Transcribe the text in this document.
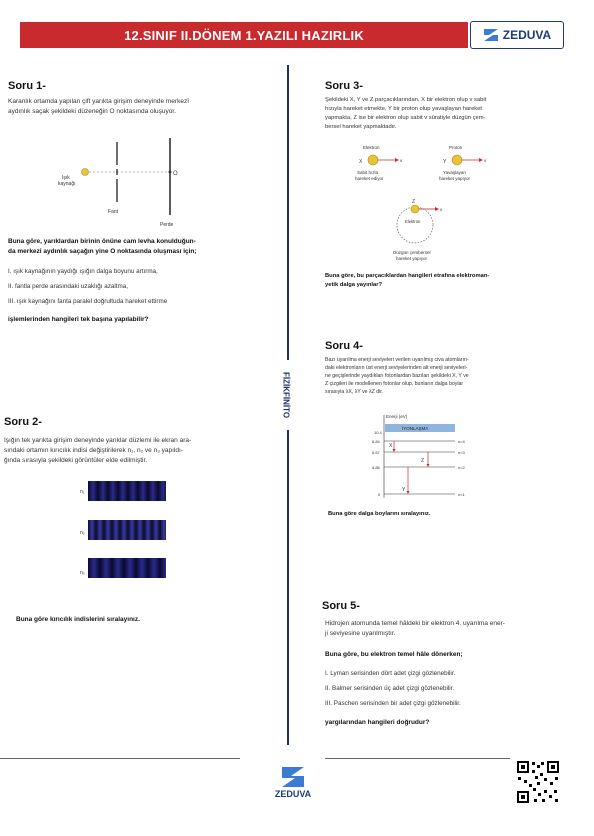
12.SINIF II.DÖNEM 1.YAZILI HAZIRLIK	ZEDUVA
FİZİKFİNİTO
Soru 1-
Karanlık ortamda yapılan çift yarıkta girişim deneyinde merkezî
aydınlık saçak şekildeki düzeneğin O noktasında oluşuyor.
O
Işık
kaynağı
Fant
Perde
Buna göre, yarıklardan birinin önüne cam levha konulduğun-
da merkezî aydınlık saçağın yine O noktasında oluşması için;
I. ışık kaynağının yaydığı ışığın dalga boyunu artırma,
II. fantla perde arasındaki uzaklığı azaltma,
III. ışık kaynağını fanta paralel doğrultuda hareket ettirme
işlemlerinden hangileri tek başına yapılabilir?
Soru 2-
Işığın tek yarıkta girişim deneyinde yarıklar düzlemi ile ekran ara-
sındaki ortamın kırıcılık indisi değiştirilerek n₁, n₂ ve n₃ yapıldı-
ğında sırasıyla şekildeki görüntüler elde edilmiştir.
n₁
n₂
n₃
Buna göre kırıcılık indislerini sıralayınız.
Soru 3-
Şekildeki X, Y ve Z parçacıklarından, X bir elektron olup v sabit
hızıyla hareket etmekte, Y bir proton olup yavaşlayan hareket
yapmakta, Z ise bir elektron olup sabit v süratiyle düzgün çem-
bersel hareket yapmaktadır.
Elektron
X	v
Sabit hızla
hareket ediyor
Proton
Y	v
Yavaşlayan
hareket yapıyor
Z
v
Elektron
Düzgün çembersel
hareket yapıyor
Buna göre, bu parçacıklardan hangileri etrafına elektroman-
yetik dalga yayınlar?
Soru 4-
Bazı uyarılma enerji seviyeleri verilen uyarılmış civa atomların-
daki elektronların üst enerji seviyelerinden alt enerji seviyeleri-
ne geçişlerinde yaydıkları fotonlardan bazıları şekildeki X, Y ve
Z çizgileri ile modellenen fotonlar olup, bunların dalga boylar
sırasıyla λX, λY ve λZ dir.
Enerji (eV)
İYONLAŞMA
10.4
8.84	n=4
6.67	n=3
4.86	n=2
0	n=1
X
Z
Y
Buna göre dalga boylarını sıralayınız.
Soru 5-
Hidrojen atomunda temel hâldeki bir elektron 4. uyarılma ener-
ji seviyesine uyarılmıştır.
Buna göre, bu elektron temel hâle dönerken;
I. Lyman serisinden dört adet çizgi gözlenebilir.
II. Balmer serisinden üç adet çizgi gözlenebilir.
III. Paschen serisinden bir adet çizgi gözlenebilir.
yargılarından hangileri doğrudur?
ZEDUVA
